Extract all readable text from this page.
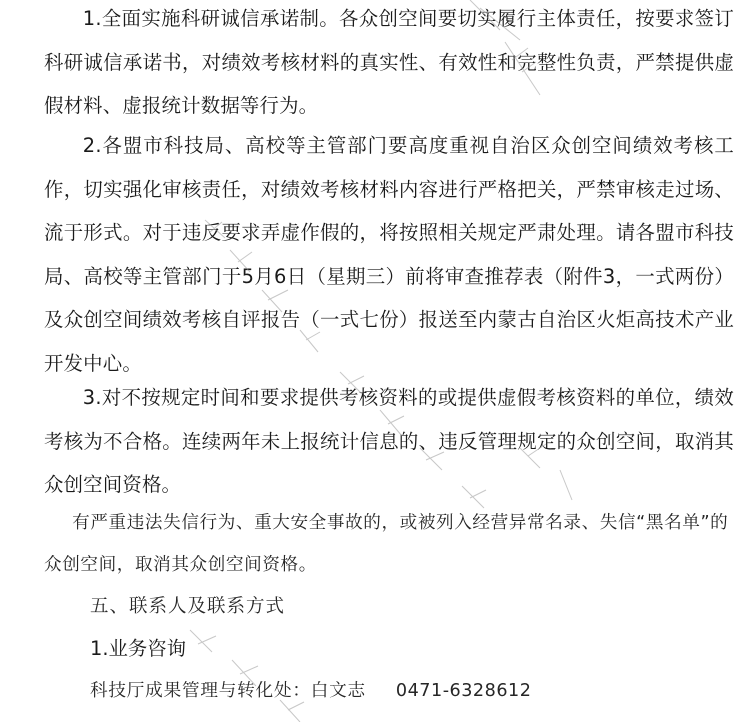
1.全面实施科研诚信承诺制。各众创空间要切实履行主体责任，按要求签订科研诚信承诺书，对绩效考核材料的真实性、有效性和完整性负责，严禁提供虚假材料、虚报统计数据等行为。

2.各盟市科技局、高校等主管部门要高度重视自治区众创空间绩效考核工作，切实强化审核责任，对绩效考核材料内容进行严格把关，严禁审核走过场、流于形式。对于违反要求弄虚作假的，将按照相关规定严肃处理。请各盟市科技局、高校等主管部门于5月6日（星期三）前将审查推荐表（附件3，一式两份）及众创空间绩效考核自评报告（一式七份）报送至内蒙古自治区火炬高技术产业开发中心。

3.对不按规定时间和要求提供考核资料的或提供虚假考核资料的单位，绩效考核为不合格。连续两年未上报统计信息的、违反管理规定的众创空间，取消其众创空间资格。

有严重违法失信行为、重大安全事故的，或被列入经营异常名录、失信“黑名单”的众创空间，取消其众创空间资格。

五、联系人及联系方式

1.业务咨询

科技厅成果管理与转化处：白文志 0471-6328612
